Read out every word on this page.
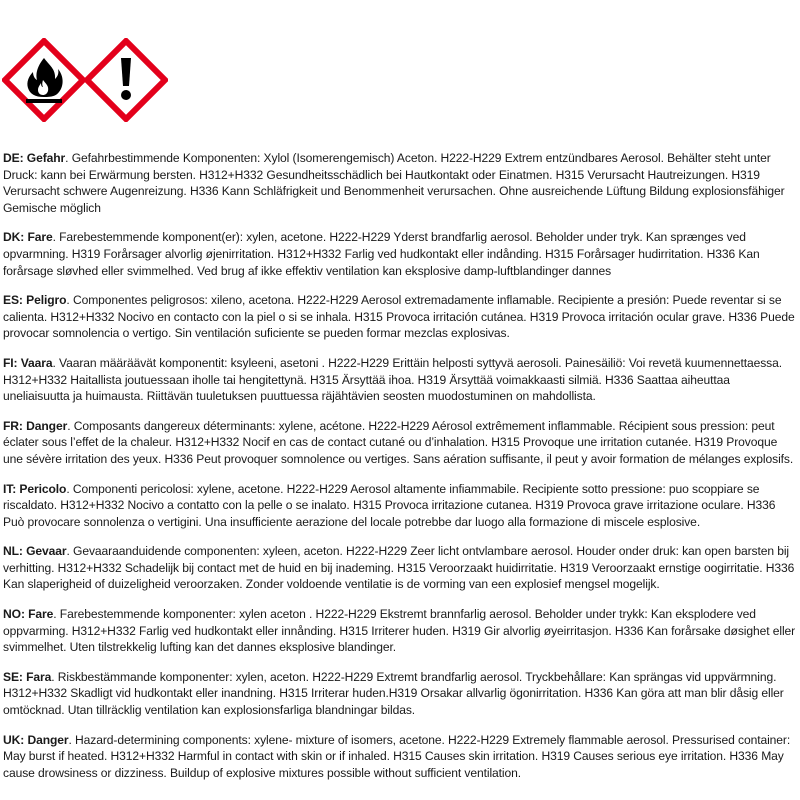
DE: Gefahr. Gefahrbestimmende Komponenten: Xylol (Isomerengemisch) Aceton. H222-H229 Extrem entzündbares Aerosol. Behälter steht unter Druck: kann bei Erwärmung bersten. H312+H332 Gesundheitsschädlich bei Hautkontakt oder Einatmen. H315 Verursacht Hautreizungen. H319 Verursacht schwere Augenreizung. H336 Kann Schläfrigkeit und Benommenheit verursachen. Ohne ausreichende Lüftung Bildung explosionsfähiger Gemische möglich
DK: Fare. Farebestemmende komponent(er): xylen, acetone. H222-H229 Yderst brandfarlig aerosol. Beholder under tryk. Kan sprænges ved opvarmning. H319 Forårsager alvorlig øjenirritation. H312+H332 Farlig ved hudkontakt eller indånding. H315 Forårsager hudirritation. H336 Kan forårsage sløvhed eller svimmelhed. Ved brug af ikke effektiv ventilation kan eksplosive damp-luftblandinger dannes
ES: Peligro. Componentes peligrosos: xileno, acetona. H222-H229 Aerosol extremadamente inflamable. Recipiente a presión: Puede reventar si se calienta. H312+H332 Nocivo en contacto con la piel o si se inhala. H315 Provoca irritación cutánea. H319 Provoca irritación ocular grave. H336 Puede provocar somnolencia o vertigo. Sin ventilación suficiente se pueden formar mezclas explosivas.
FI: Vaara. Vaaran määräävät komponentit: ksyleeni, asetoni . H222-H229 Erittäin helposti syttyvä aerosoli. Painesäiliö: Voi revetä kuumennettaessa. H312+H332 Haitallista joutuessaan iholle tai hengitettynä. H315 Ärsyttää ihoa. H319 Ärsyttää voimakkaasti silmiä. H336 Saattaa aiheuttaa uneliaisuutta ja huimausta. Riittävän tuuletuksen puuttuessa räjähtävien seosten muodostuminen on mahdollista.
FR: Danger. Composants dangereux déterminants: xylene, acétone. H222-H229 Aérosol extrêmement inflammable. Récipient sous pression: peut éclater sous l’effet de la chaleur. H312+H332 Nocif en cas de contact cutané ou d’inhalation. H315 Provoque une irritation cutanée. H319 Provoque une sévère irritation des yeux. H336 Peut provoquer somnolence ou vertiges. Sans aération suffisante, il peut y avoir formation de mélanges explosifs.
IT: Pericolo. Componenti pericolosi: xylene, acetone. H222-H229 Aerosol altamente infiammabile. Recipiente sotto pressione: puo scoppiare se riscaldato. H312+H332 Nocivo a contatto con la pelle o se inalato. H315 Provoca irritazione cutanea. H319 Provoca grave irritazione oculare. H336 Può provocare sonnolenza o vertigini. Una insufficiente aerazione del locale potrebbe dar luogo alla formazione di miscele esplosive.
NL: Gevaar. Gevaaraanduidende componenten: xyleen, aceton. H222-H229 Zeer licht ontvlambare aerosol. Houder onder druk: kan open barsten bij verhitting. H312+H332 Schadelijk bij contact met de huid en bij inademing. H315 Veroorzaakt huidirritatie. H319 Veroorzaakt ernstige oogirritatie. H336 Kan slaperigheid of duizeligheid veroorzaken. Zonder voldoende ventilatie is de vorming van een explosief mengsel mogelijk.
NO: Fare. Farebestemmende komponenter: xylen aceton . H222-H229 Ekstremt brannfarlig aerosol. Beholder under trykk: Kan eksplodere ved oppvarming. H312+H332 Farlig ved hudkontakt eller innånding. H315 Irriterer huden. H319 Gir alvorlig øyeirritasjon. H336 Kan forårsake døsighet eller svimmelhet. Uten tilstrekkelig lufting kan det dannes eksplosive blandinger.
SE: Fara. Riskbestämmande komponenter: xylen, aceton. H222-H229 Extremt brandfarlig aerosol. Tryckbehållare: Kan sprängas vid uppvärmning. H312+H332 Skadligt vid hudkontakt eller inandning. H315 Irriterar huden.H319 Orsakar allvarlig ögonirritation. H336 Kan göra att man blir dåsig eller omtöcknad. Utan tillräcklig ventilation kan explosionsfarliga blandningar bildas.
UK: Danger. Hazard-determining components: xylene- mixture of isomers, acetone. H222-H229 Extremely flammable aerosol. Pressurised container: May burst if heated. H312+H332 Harmful in contact with skin or if inhaled. H315 Causes skin irritation. H319 Causes serious eye irritation. H336 May cause drowsiness or dizziness. Buildup of explosive mixtures possible without sufficient ventilation.
